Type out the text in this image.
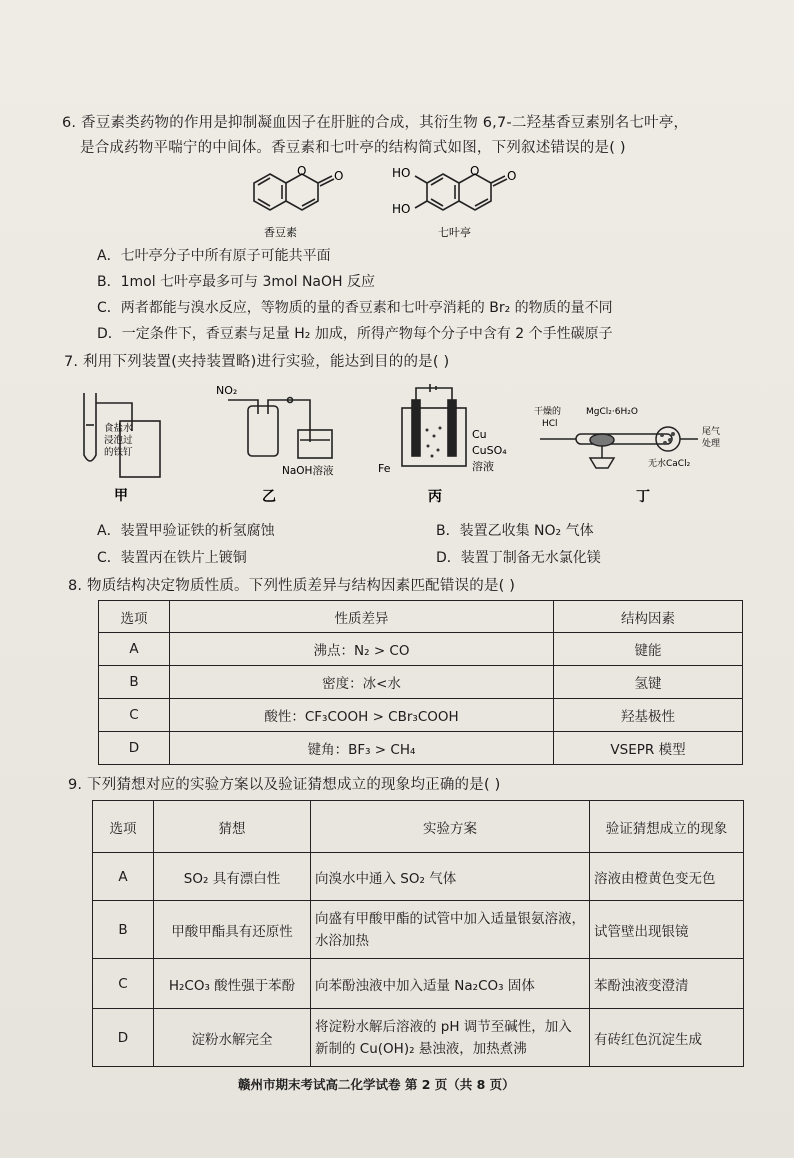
6. 香豆素类药物的作用是抑制凝血因子在肝脏的合成，其衍生物 6,7-二羟基香豆素别名七叶亭，
是合成药物平喘宁的中间体。香豆素和七叶亭的结构简式如图，下列叙述错误的是( )
O O
香豆素
HO
HO
O O
七叶亭
A．七叶亭分子中所有原子可能共平面
B．1mol 七叶亭最多可与 3mol NaOH 反应
C．两者都能与溴水反应，等物质的量的香豆素和七叶亭消耗的 Br₂ 的物质的量不同
D．一定条件下，香豆素与足量 H₂ 加成，所得产物每个分子中含有 2 个手性碳原子
7. 利用下列装置(夹持装置略)进行实验，能达到目的的是( )
食盐水
浸泡过
的铁钉
甲
NO₂
NaOH溶液
乙
Cu
Fe
CuSO₄
溶液
丙
干燥的
HCl
MgCl₂·6H₂O
尾气
处理
无水CaCl₂
丁
A．装置甲验证铁的析氢腐蚀	B．装置乙收集 NO₂ 气体
C．装置丙在铁片上镀铜	D．装置丁制备无水氯化镁
8. 物质结构决定物质性质。下列性质差异与结构因素匹配错误的是( )
选项	性质差异	结构因素
A	沸点：N₂ > CO	键能
B	密度：冰<水	氢键
C	酸性：CF₃COOH > CBr₃COOH	羟基极性
D	键角：BF₃ > CH₄	VSEPR 模型
9. 下列猜想对应的实验方案以及验证猜想成立的现象均正确的是( )
选项	猜想	实验方案	验证猜想成立的现象
A	SO₂ 具有漂白性	向溴水中通入 SO₂ 气体	溶液由橙黄色变无色
B	甲酸甲酯具有还原性	向盛有甲酸甲酯的试管中加入适量银氨溶液，水浴加热	试管壁出现银镜
C	H₂CO₃ 酸性强于苯酚	向苯酚浊液中加入适量 Na₂CO₃ 固体	苯酚浊液变澄清
D	淀粉水解完全	将淀粉水解后溶液的 pH 调节至碱性，加入新制的 Cu(OH)₂ 悬浊液，加热煮沸	有砖红色沉淀生成
赣州市期末考试高二化学试卷 第 2 页（共 8 页）
